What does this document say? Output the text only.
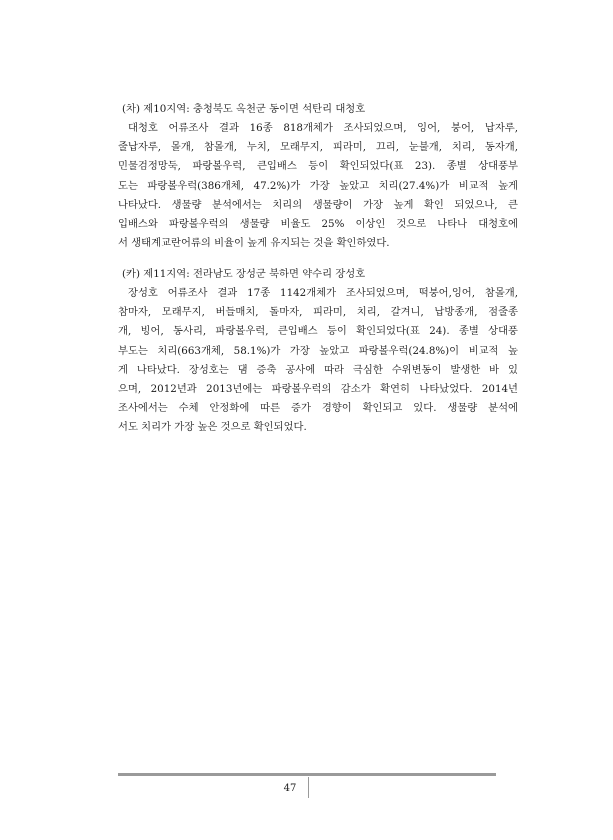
(차) 제10지역: 충청북도 옥천군 동이면 석탄리 대청호
대청호 어류조사 결과 16종 818개체가 조사되었으며, 잉어, 붕어, 납자루,
줄납자루, 몰개, 참몰개, 누치, 모래무지, 피라미, 끄리, 눈불개, 치리, 동자개,
민물검정망둑, 파랑볼우럭, 큰입배스 등이 확인되었다(표 23). 종별 상대풍부
도는 파랑볼우럭(386개체, 47.2%)가 가장 높았고 치리(27.4%)가 비교적 높게
나타났다. 생물량 분석에서는 치리의 생물량이 가장 높게 확인 되었으나, 큰
입배스와 파랑볼우럭의 생물량 비율도 25% 이상인 것으로 나타나 대청호에
서 생태계교란어류의 비율이 높게 유지되는 것을 확인하였다.
(카) 제11지역: 전라남도 장성군 북하면 약수리 장성호
장성호 어류조사 결과 17종 1142개체가 조사되었으며, 떡붕어,잉어, 참몰개,
참마자, 모래무지, 버들매치, 돌마자, 피라미, 치리, 갈겨니, 납방종개, 점줄종
개, 빙어, 동사리, 파랑볼우럭, 큰입배스 등이 확인되었다(표 24). 종별 상대풍
부도는 치리(663개체, 58.1%)가 가장 높았고 파랑볼우럭(24.8%)이 비교적 높
게 나타났다. 장성호는 댐 증축 공사에 따라 극심한 수위변동이 발생한 바 있
으며, 2012년과 2013년에는 파랑볼우럭의 감소가 확연히 나타났었다. 2014년
조사에서는 수체 안정화에 따른 증가 경향이 확인되고 있다. 생물량 분석에
서도 치리가 가장 높은 것으로 확인되었다.
47
